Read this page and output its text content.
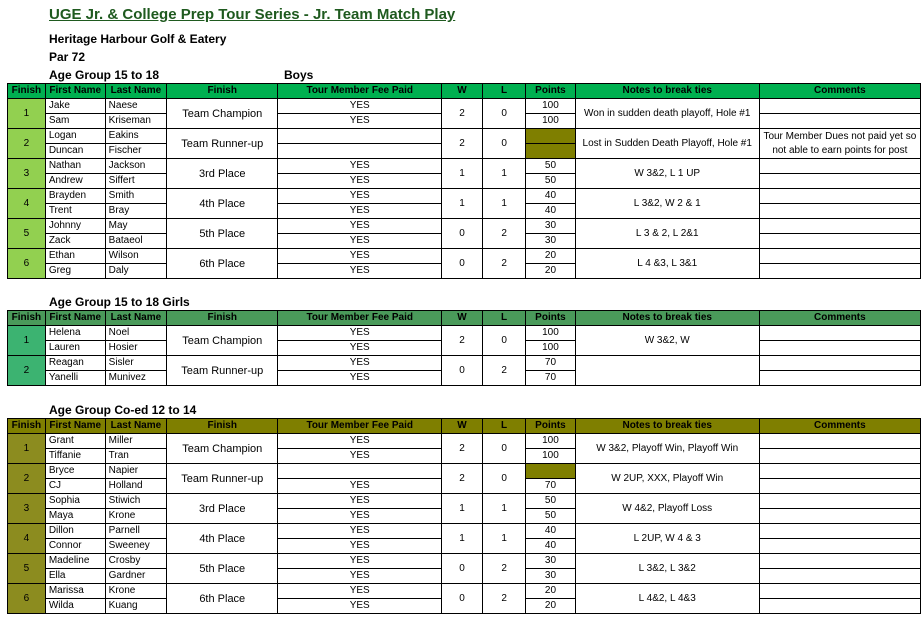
UGE Jr. & College Prep Tour Series - Jr. Team Match Play
Heritage Harbour Golf & Eatery
Par 72
Age Group 15 to 18	Boys
Finish	First Name	Last Name	Finish	Tour Member Fee Paid	W	L	Points	Notes to break ties	Comments
1	Jake	Naese	Team Champion	YES	2	0	100	Won in sudden death playoff, Hole #1	
	Sam	Kriseman		YES			100		
2	Logan	Eakins	Team Runner-up		2	0		Lost in Sudden Death Playoff, Hole #1	Tour Member Dues not paid yet so not able to earn points for post
	Duncan	Fischer							
3	Nathan	Jackson	3rd Place	YES	1	1	50	W 3&2, L 1 UP	
	Andrew	Siffert		YES			50		
4	Brayden	Smith	4th Place	YES	1	1	40	L 3&2, W 2 & 1	
	Trent	Bray		YES			40		
5	Johnny	May	5th Place	YES	0	2	30	L 3 & 2, L 2&1	
	Zack	Bataeol		YES			30		
6	Ethan	Wilson	6th Place	YES	0	2	20	L 4 &3, L 3&1	
	Greg	Daly		YES			20		
Age Group 15 to 18 Girls
Finish	First Name	Last Name	Finish	Tour Member Fee Paid	W	L	Points	Notes to break ties	Comments
1	Helena	Noel	Team Champion	YES	2	0	100	W 3&2, W	
	Lauren	Hosier		YES			100		
2	Reagan	Sisler	Team Runner-up	YES	0	2	70		
	Yanelli	Munivez		YES			70		
Age Group Co-ed 12 to 14
Finish	First Name	Last Name	Finish	Tour Member Fee Paid	W	L	Points	Notes to break ties	Comments
1	Grant	Miller	Team Champion	YES	2	0	100	W 3&2, Playoff Win, Playoff Win	
	Tiffanie	Tran		YES			100		
2	Bryce	Napier	Team Runner-up		2	0		W 2UP, XXX, Playoff Win	
	CJ	Holland		YES			70		
3	Sophia	Stiwich	3rd Place	YES	1	1	50	W 4&2, Playoff Loss	
	Maya	Krone		YES			50		
4	Dillon	Parnell	4th Place	YES	1	1	40	L 2UP, W 4 & 3	
	Connor	Sweeney		YES			40		
5	Madeline	Crosby	5th Place	YES	0	2	30	L 3&2, L 3&2	
	Ella	Gardner		YES			30		
6	Marissa	Krone	6th Place	YES	0	2	20	L 4&2, L 4&3	
	Wilda	Kuang		YES			20		
